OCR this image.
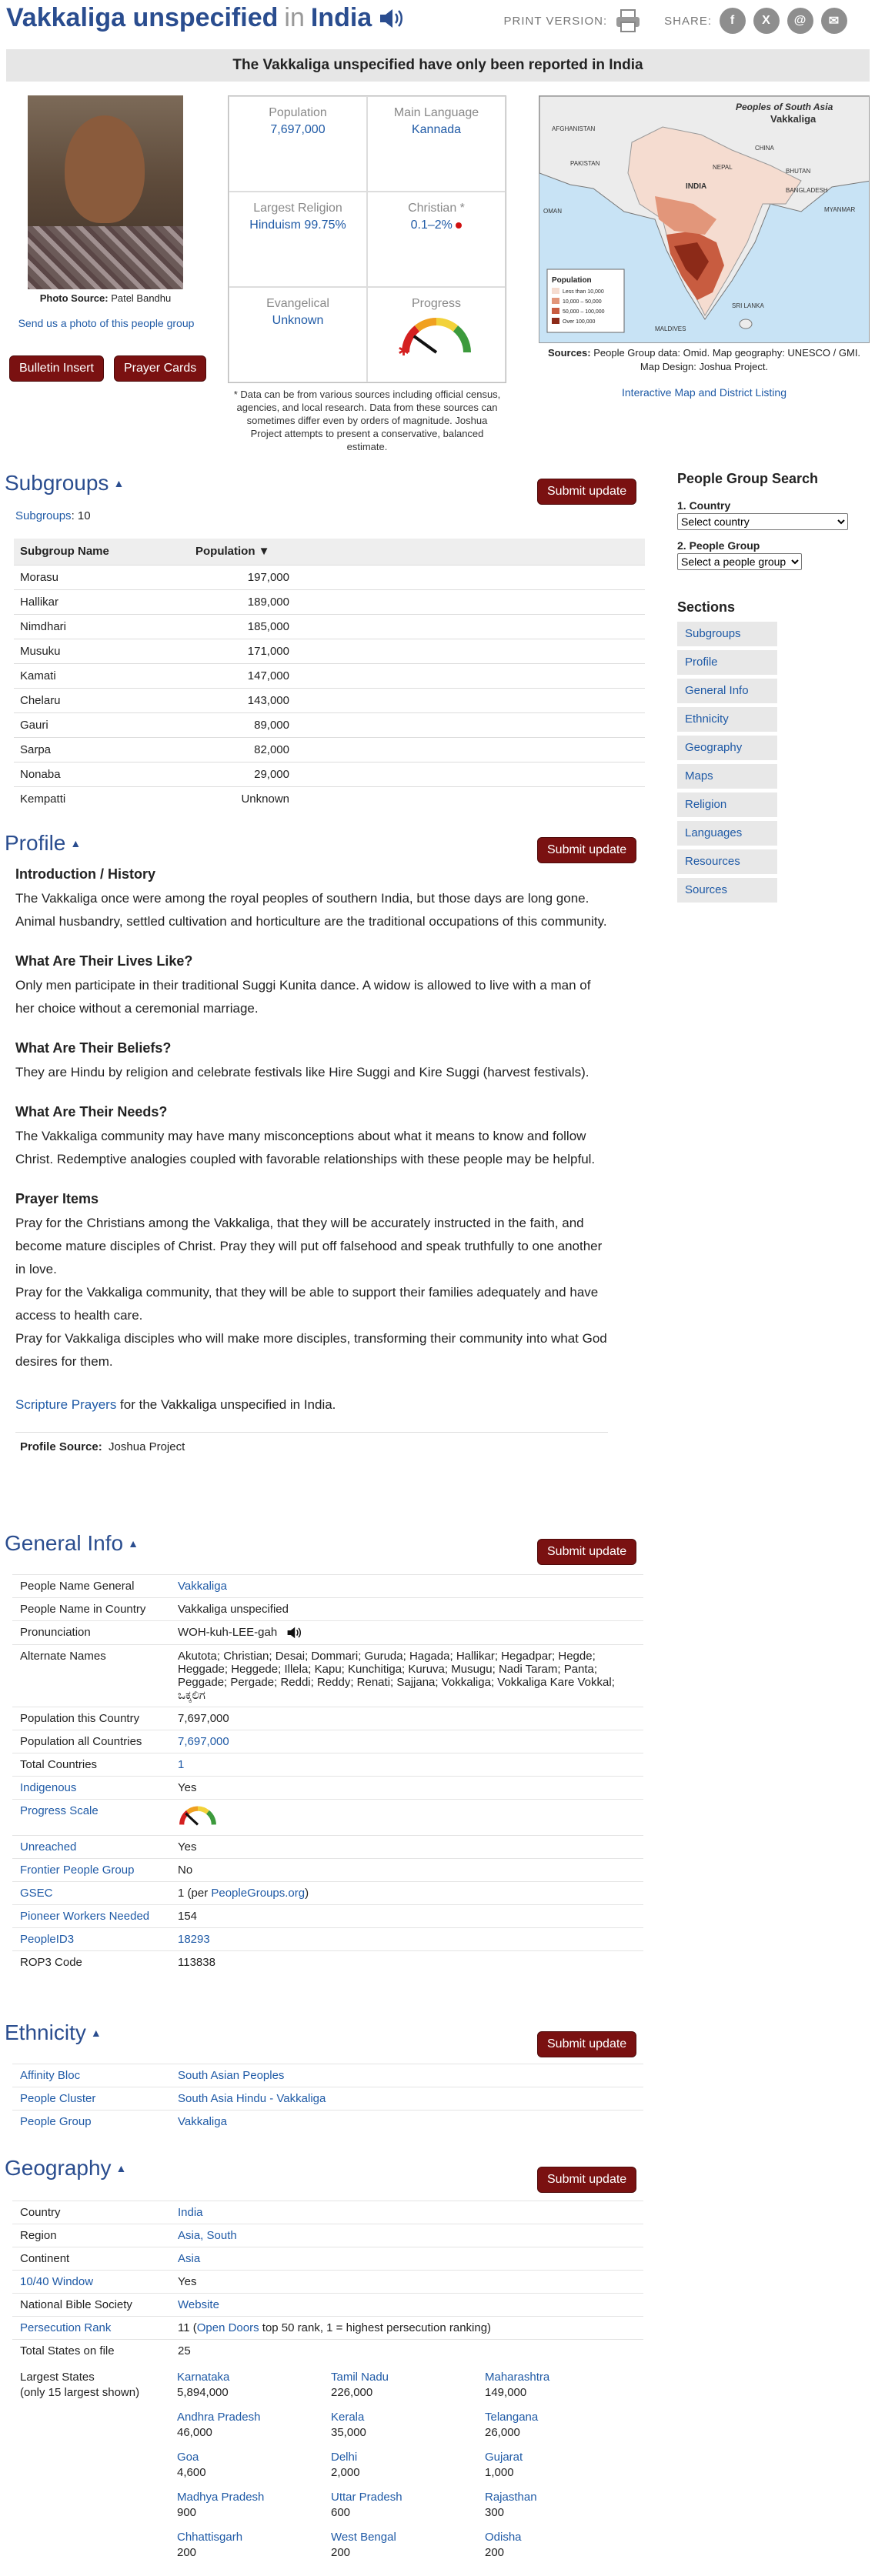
Vakkaliga unspecified in India	PRINT VERSION:	SHARE:	f	X	@	✉
The Vakkaliga unspecified have only been reported in India
Photo Source: Patel Bandhu
Send us a photo of this people group
Bulletin Insert	Prayer Cards
Population
7,697,000
Main Language
Kannada
Largest Religion
Hinduism 99.75%
Christian *
0.1–2%
Evangelical
Unknown
Progress
✱
* Data can be from various sources including official census, agencies, and local research. Data from these sources can sometimes differ even by orders of magnitude. Joshua Project attempts to present a conservative, balanced estimate.
Peoples of South Asia
Vakkaliga
AFGHANISTAN
PAKISTAN
CHINA
NEPAL
BHUTAN
BANGLADESH
MYANMAR
INDIA
SRI LANKA
MALDIVES
OMAN
Population
Less than 10,000
10,000 – 50,000
50,000 – 100,000
Over 100,000
Sources: People Group data: Omid. Map geography: UNESCO / GMI. Map Design: Joshua Project.
Interactive Map and District Listing
Subgroups ▲
Submit update
Subgroups: 10
Subgroup Name	Population ▼	
Morasu	197,000	
Hallikar	189,000	
Nimdhari	185,000	
Musuku	171,000	
Kamati	147,000	
Chelaru	143,000	
Gauri	89,000	
Sarpa	82,000	
Nonaba	29,000	
Kempatti	Unknown	
People Group Search
1. Country
Select country
2. People Group
Select a people group
Sections
Subgroups
Profile
General Info
Ethnicity
Geography
Maps
Religion
Languages
Resources
Sources
Profile ▲	Submit update
Introduction / History

The Vakkaliga once were among the royal peoples of southern India, but those days are long gone. Animal husbandry, settled cultivation and horticulture are the traditional occupations of this community.

What Are Their Lives Like?

Only men participate in their traditional Suggi Kunita dance. A widow is allowed to live with a man of her choice without a ceremonial marriage.

What Are Their Beliefs?

They are Hindu by religion and celebrate festivals like Hire Suggi and Kire Suggi (harvest festivals).

What Are Their Needs?

The Vakkaliga community may have many misconceptions about what it means to know and follow Christ. Redemptive analogies coupled with favorable relationships with these people may be helpful.

Prayer Items

Pray for the Christians among the Vakkaliga, that they will be accurately instructed in the faith, and become mature disciples of Christ. Pray they will put off falsehood and speak truthfully to one another in love.

Pray for the Vakkaliga community, that they will be able to support their families adequately and have access to health care.

Pray for Vakkaliga disciples who will make more disciples, transforming their community into what God desires for them.

Scripture Prayers for the Vakkaliga unspecified in India.

Profile Source: Joshua Project
General Info ▲
Submit update
People Name General	Vakkaliga
People Name in Country	Vakkaliga unspecified
Pronunciation	WOH-kuh-LEE-gah
Alternate Names	Akutota; Christian; Desai; Dommari; Guruda; Hagada; Hallikar; Hegadpar; Hegde; Heggade; Heggede; Illela; Kapu; Kunchitiga; Kuruva; Musugu; Nadi Taram; Panta; Peggade; Pergade; Reddi; Reddy; Renati; Sajjana; Vokkaliga; Vokkaliga Kare Vokkal; ಒಕ್ಕಲಿಗ
Population this Country	7,697,000
Population all Countries	7,697,000
Total Countries	1
Indigenous	Yes
Progress Scale	
Unreached	Yes
Frontier People Group	No
GSEC	1 (per PeopleGroups.org)
Pioneer Workers Needed	154
PeopleID3	18293
ROP3 Code	113838
Ethnicity ▲
Submit update
Affinity Bloc	South Asian Peoples
People Cluster	South Asia Hindu - Vakkaliga
People Group	Vakkaliga
Geography ▲
Submit update
Country	India
Region	Asia, South
Continent	Asia
10/40 Window	Yes
National Bible Society	Website
Persecution Rank	11 (Open Doors top 50 rank, 1 = highest persecution ranking)
Total States on file	25
Largest States
(only 15 largest shown)
Karnataka
5,894,000
Tamil Nadu
226,000
Maharashtra
149,000
Andhra Pradesh
46,000
Kerala
35,000
Telangana
26,000
Goa
4,600
Delhi
2,000
Gujarat
1,000
Madhya Pradesh
900
Uttar Pradesh
600
Rajasthan
300
Chhattisgarh
200
West Bengal
200
Odisha
200
